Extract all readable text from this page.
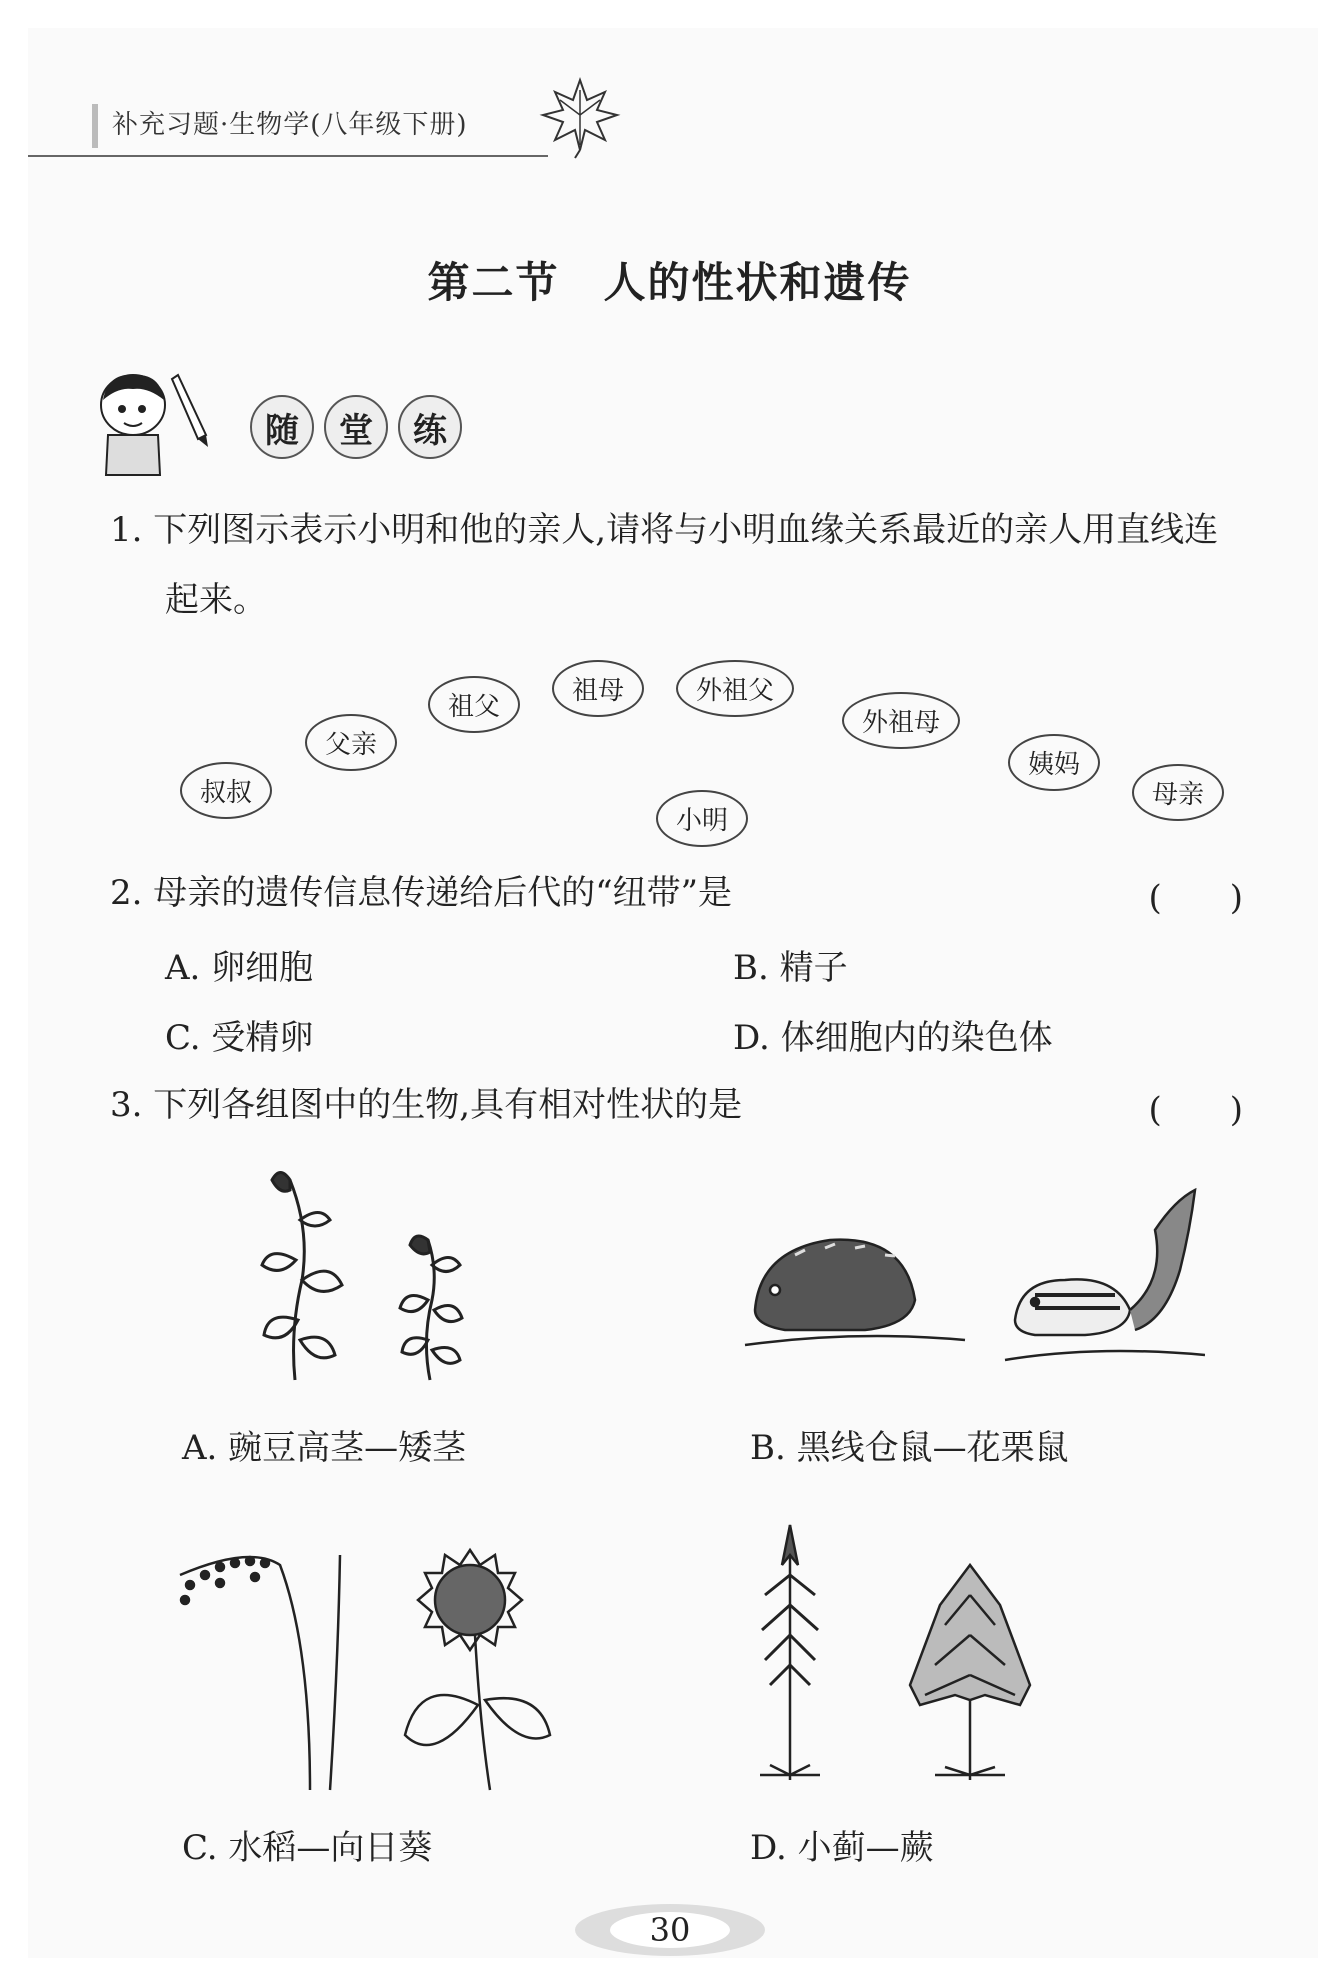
补充习题·生物学(八年级下册)
第二节　人的性状和遗传
随	堂	练
1. 下列图示表示小明和他的亲人,请将与小明血缘关系最近的亲人用直线连起来。
叔叔
父亲
祖父
祖母	外祖父
外祖母
姨妈
母亲
小明
2. 母亲的遗传信息传递给后代的“纽带”是	(　　)
A. 卵细胞	B. 精子
C. 受精卵	D. 体细胞内的染色体
3. 下列各组图中的生物,具有相对性状的是	(　　)
A. 豌豆高茎—矮茎	B. 黑线仓鼠—花栗鼠
C. 水稻—向日葵	D. 小蓟—蕨
30
